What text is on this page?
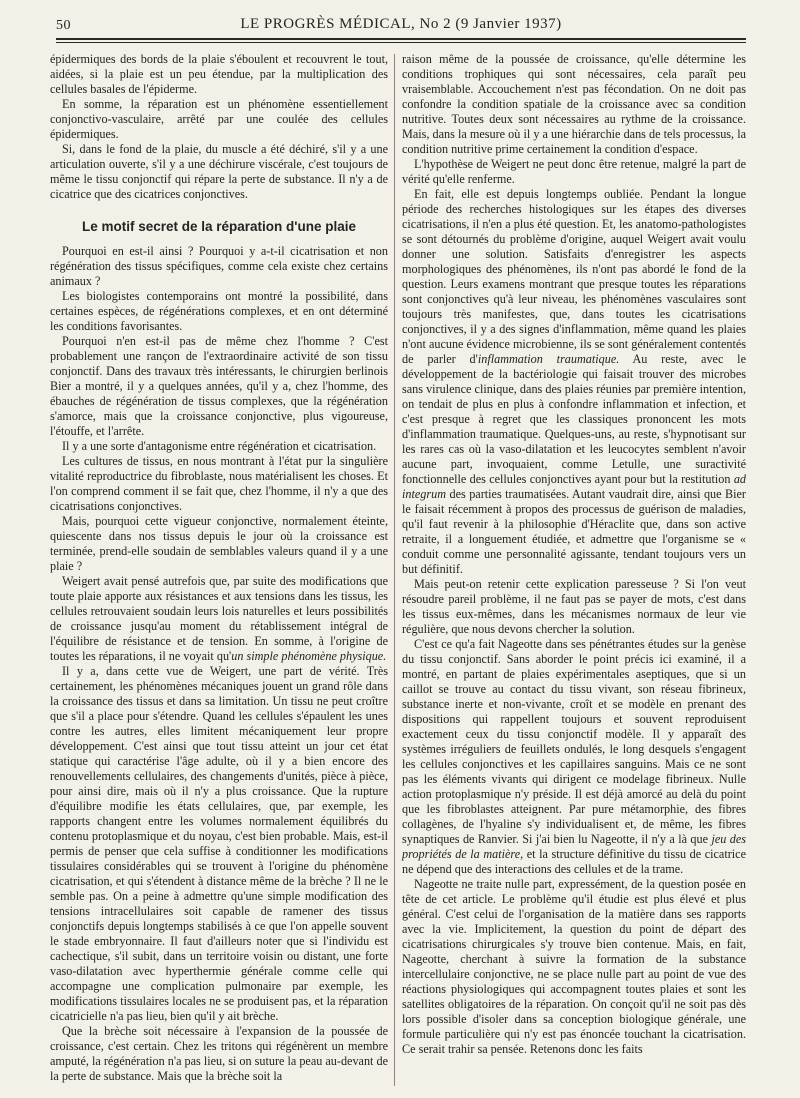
50	LE PROGRÈS MÉDICAL, No 2 (9 Janvier 1937)

épidermiques des bords de la plaie s'éboulent et recouvrent le tout, aidées, si la plaie est un peu étendue, par la multiplication des cellules basales de l'épiderme.

En somme, la réparation est un phénomène essentiellement conjonctivo-vasculaire, arrêté par une coulée des cellules épidermiques.

Si, dans le fond de la plaie, du muscle a été déchiré, s'il y a une articulation ouverte, s'il y a une déchirure viscérale, c'est toujours de même le tissu conjonctif qui répare la perte de substance. Il n'y a de cicatrice que des cicatrices conjonctives.

Le motif secret de la réparation d'une plaie

Pourquoi en est-il ainsi ? Pourquoi y a-t-il cicatrisation et non régénération des tissus spécifiques, comme cela existe chez certains animaux ?

Les biologistes contemporains ont montré la possibilité, dans certaines espèces, de régénérations complexes, et en ont déterminé les conditions favorisantes.

Pourquoi n'en est-il pas de même chez l'homme ? C'est probablement une rançon de l'extraordinaire activité de son tissu conjonctif. Dans des travaux très intéressants, le chirurgien berlinois Bier a montré, il y a quelques années, qu'il y a, chez l'homme, des ébauches de régénération de tissus complexes, que la régénération s'amorce, mais que la croissance conjonctive, plus vigoureuse, l'étouffe, et l'arrête.

Il y a une sorte d'antagonisme entre régénération et cicatrisation.

Les cultures de tissus, en nous montrant à l'état pur la singulière vitalité reproductrice du fibroblaste, nous matérialisent les choses. Et l'on comprend comment il se fait que, chez l'homme, il n'y a que des cicatrisations conjonctives.

Mais, pourquoi cette vigueur conjonctive, normalement éteinte, quiescente dans nos tissus depuis le jour où la croissance est terminée, prend-elle soudain de semblables valeurs quand il y a une plaie ?

Weigert avait pensé autrefois que, par suite des modifications que toute plaie apporte aux résistances et aux tensions dans les tissus, les cellules retrouvaient soudain leurs lois naturelles et leurs possibilités de croissance jusqu'au moment du rétablissement intégral de l'équilibre de résistance et de tension. En somme, à l'origine de toutes les réparations, il ne voyait qu'un simple phénomène physique.

Il y a, dans cette vue de Weigert, une part de vérité. Très certainement, les phénomènes mécaniques jouent un grand rôle dans la croissance des tissus et dans sa limitation. Un tissu ne peut croître que s'il a place pour s'étendre. Quand les cellules s'épaulent les unes contre les autres, elles limitent mécaniquement leur propre développement. C'est ainsi que tout tissu atteint un jour cet état statique qui caractérise l'âge adulte, où il y a bien encore des renouvellements cellulaires, des changements d'unités, pièce à pièce, pour ainsi dire, mais où il n'y a plus croissance. Que la rupture d'équilibre modifie les états cellulaires, que, par exemple, les rapports changent entre les volumes normalement équilibrés du contenu protoplasmique et du noyau, c'est bien probable. Mais, est-il permis de penser que cela suffise à conditionner les modifications tissulaires considérables qui se trouvent à l'origine du phénomène cicatrisation, et qui s'étendent à distance même de la brèche ? Il ne le semble pas. On a peine à admettre qu'une simple modification des tensions intracellulaires soit capable de ramener des tissus conjonctifs depuis longtemps stabilisés à ce que l'on appelle souvent le stade embryonnaire. Il faut d'ailleurs noter que si l'individu est cachectique, s'il subit, dans un territoire voisin ou distant, une forte vaso-dilatation avec hyperthermie générale comme celle qui accompagne une complication pulmonaire par exemple, les modifications tissulaires locales ne se produisent pas, et la réparation cicatricielle n'a pas lieu, bien qu'il y ait brèche.

Que la brèche soit nécessaire à l'expansion de la poussée de croissance, c'est certain. Chez les tritons qui régénèrent un membre amputé, la régénération n'a pas lieu, si on suture la peau au-devant de la perte de substance. Mais que la brèche soit la

raison même de la poussée de croissance, qu'elle détermine les conditions trophiques qui sont nécessaires, cela paraît peu vraisemblable. Accouchement n'est pas fécondation. On ne doit pas confondre la condition spatiale de la croissance avec sa condition nutritive. Toutes deux sont nécessaires au rythme de la croissance. Mais, dans la mesure où il y a une hiérarchie dans de tels processus, la condition nutritive prime certainement la condition d'espace.

L'hypothèse de Weigert ne peut donc être retenue, malgré la part de vérité qu'elle renferme.

En fait, elle est depuis longtemps oubliée. Pendant la longue période des recherches histologiques sur les étapes des diverses cicatrisations, il n'en a plus été question. Et, les anatomo-pathologistes se sont détournés du problème d'origine, auquel Weigert avait voulu donner une solution. Satisfaits d'enregistrer les aspects morphologiques des phénomènes, ils n'ont pas abordé le fond de la question. Leurs examens montrant que presque toutes les réparations sont conjonctives qu'à leur niveau, les phénomènes vasculaires sont toujours très manifestes, que, dans toutes les cicatrisations conjonctives, il y a des signes d'inflammation, même quand les plaies n'ont aucune évidence microbienne, ils se sont généralement contentés de parler d'inflammation traumatique. Au reste, avec le développement de la bactériologie qui faisait trouver des microbes sans virulence clinique, dans des plaies réunies par première intention, on tendait de plus en plus à confondre inflammation et infection, et c'est presque à regret que les classiques prononcent les mots d'inflammation traumatique. Quelques-uns, au reste, s'hypnotisant sur les rares cas où la vaso-dilatation et les leucocytes semblent n'avoir aucune part, invoquaient, comme Letulle, une suractivité fonctionnelle des cellules conjonctives ayant pour but la restitution ad integrum des parties traumatisées. Autant vaudrait dire, ainsi que Bier le faisait récemment à propos des processus de guérison de maladies, qu'il faut revenir à la philosophie d'Héraclite que, dans son active retraite, il a longuement étudiée, et admettre que l'organisme se « conduit comme une personnalité agissante, tendant toujours vers un but définitif.

Mais peut-on retenir cette explication paresseuse ? Si l'on veut résoudre pareil problème, il ne faut pas se payer de mots, c'est dans les tissus eux-mêmes, dans les mécanismes normaux de leur vie régulière, que nous devons chercher la solution.

C'est ce qu'a fait Nageotte dans ses pénétrantes études sur la genèse du tissu conjonctif. Sans aborder le point précis ici examiné, il a montré, en partant de plaies expérimentales aseptiques, que si un caillot se trouve au contact du tissu vivant, son réseau fibrineux, substance inerte et non-vivante, croît et se modèle en prenant des dispositions qui rappellent toujours et souvent reproduisent exactement ceux du tissu conjonctif modèle. Il y apparaît des systèmes irréguliers de feuillets ondulés, le long desquels s'engagent les cellules conjonctives et les capillaires sanguins. Mais ce ne sont pas les éléments vivants qui dirigent ce modelage fibrineux. Nulle action protoplasmique n'y préside. Il est déjà amorcé au delà du point que les fibroblastes atteignent. Par pure métamorphie, des fibres collagènes, de l'hyaline s'y individualisent et, de même, les fibres synaptiques de Ranvier. Si j'ai bien lu Nageotte, il n'y a là que jeu des propriétés de la matière, et la structure définitive du tissu de cicatrice ne dépend que des interactions des cellules et de la trame.

Nageotte ne traite nulle part, expressément, de la question posée en tête de cet article. Le problème qu'il étudie est plus élevé et plus général. C'est celui de l'organisation de la matière dans ses rapports avec la vie. Implicitement, la question du point de départ des cicatrisations chirurgicales s'y trouve bien contenue. Mais, en fait, Nageotte, cherchant à suivre la formation de la substance intercellulaire conjonctive, ne se place nulle part au point de vue des réactions physiologiques qui accompagnent toutes plaies et sont les satellites obligatoires de la réparation. On conçoit qu'il ne soit pas dès lors possible d'isoler dans sa conception biologique générale, une formule particulière qui n'y est pas énoncée touchant la cicatrisation. Ce serait trahir sa pensée. Retenons donc les faits
